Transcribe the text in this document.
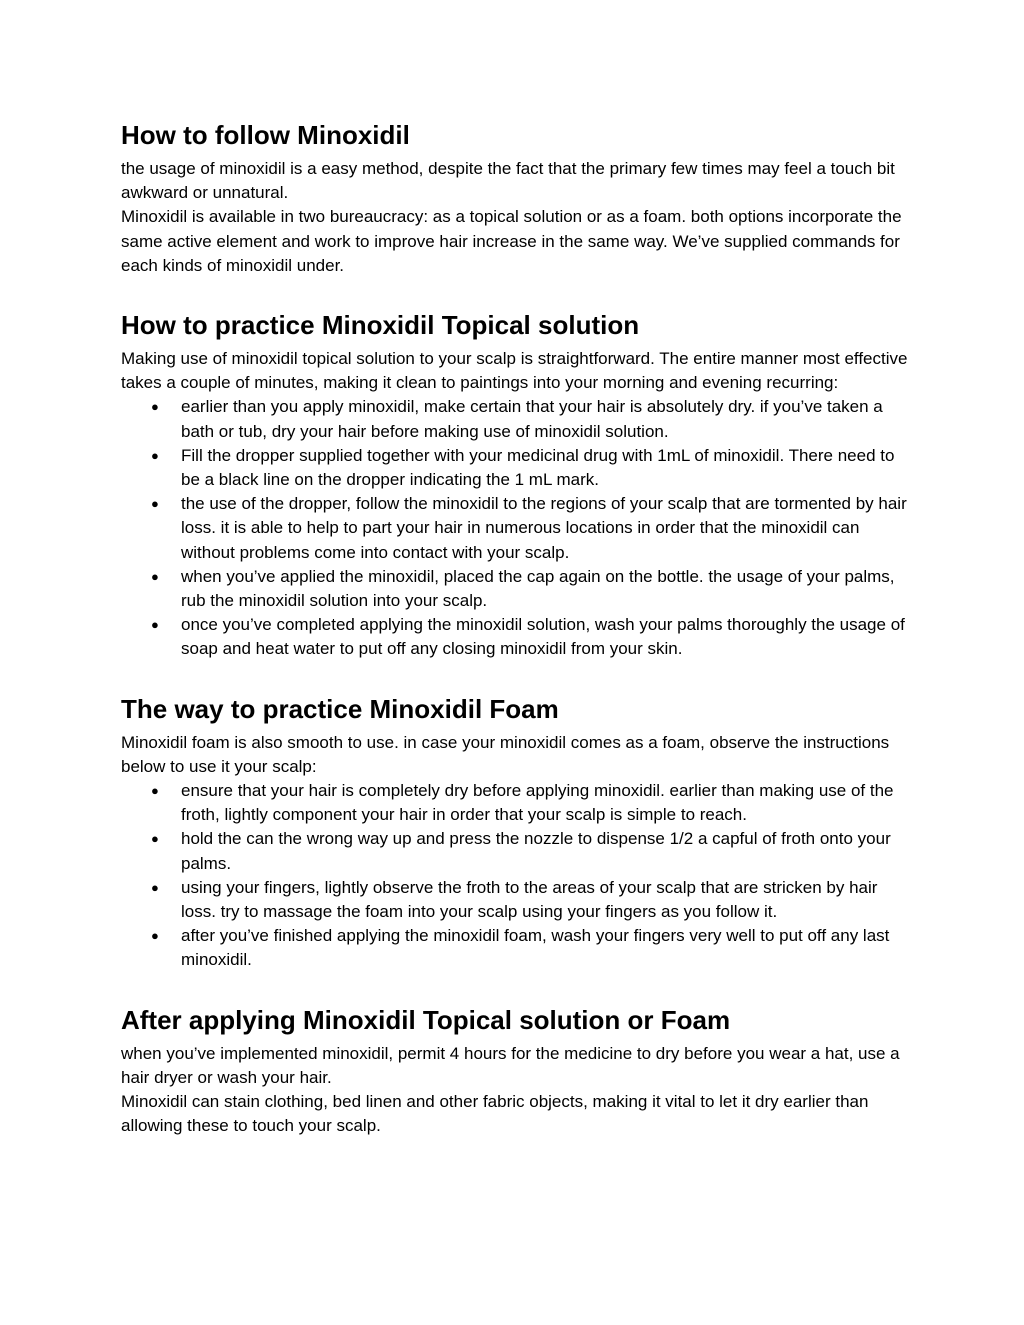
How to follow Minoxidil

the usage of minoxidil is a easy method, despite the fact that the primary few times may feel a touch bit awkward or unnatural.

Minoxidil is available in two bureaucracy: as a topical solution or as a foam. both options incorporate the same active element and work to improve hair increase in the same way. We’ve supplied commands for each kinds of minoxidil under.

How to practice Minoxidil Topical solution

Making use of minoxidil topical solution to your scalp is straightforward. The entire manner most effective takes a couple of minutes, making it clean to paintings into your morning and evening recurring:

● earlier than you apply minoxidil, make certain that your hair is absolutely dry. if you’ve taken a bath or tub, dry your hair before making use of minoxidil solution.
● Fill the dropper supplied together with your medicinal drug with 1mL of minoxidil. There need to be a black line on the dropper indicating the 1 mL mark.
● the use of the dropper, follow the minoxidil to the regions of your scalp that are tormented by hair loss. it is able to help to part your hair in numerous locations in order that the minoxidil can without problems come into contact with your scalp.
● when you’ve applied the minoxidil, placed the cap again on the bottle. the usage of your palms, rub the minoxidil solution into your scalp.
● once you’ve completed applying the minoxidil solution, wash your palms thoroughly the usage of soap and heat water to put off any closing minoxidil from your skin.
The way to practice Minoxidil Foam

Minoxidil foam is also smooth to use. in case your minoxidil comes as a foam, observe the instructions below to use it your scalp:

● ensure that your hair is completely dry before applying minoxidil. earlier than making use of the froth, lightly component your hair in order that your scalp is simple to reach.
● hold the can the wrong way up and press the nozzle to dispense 1/2 a capful of froth onto your palms.
● using your fingers, lightly observe the froth to the areas of your scalp that are stricken by hair loss. try to massage the foam into your scalp using your fingers as you follow it.
● after you’ve finished applying the minoxidil foam, wash your fingers very well to put off any last minoxidil.
After applying Minoxidil Topical solution or Foam

when you’ve implemented minoxidil, permit 4 hours for the medicine to dry before you wear a hat, use a hair dryer or wash your hair.

Minoxidil can stain clothing, bed linen and other fabric objects, making it vital to let it dry earlier than allowing these to touch your scalp.
